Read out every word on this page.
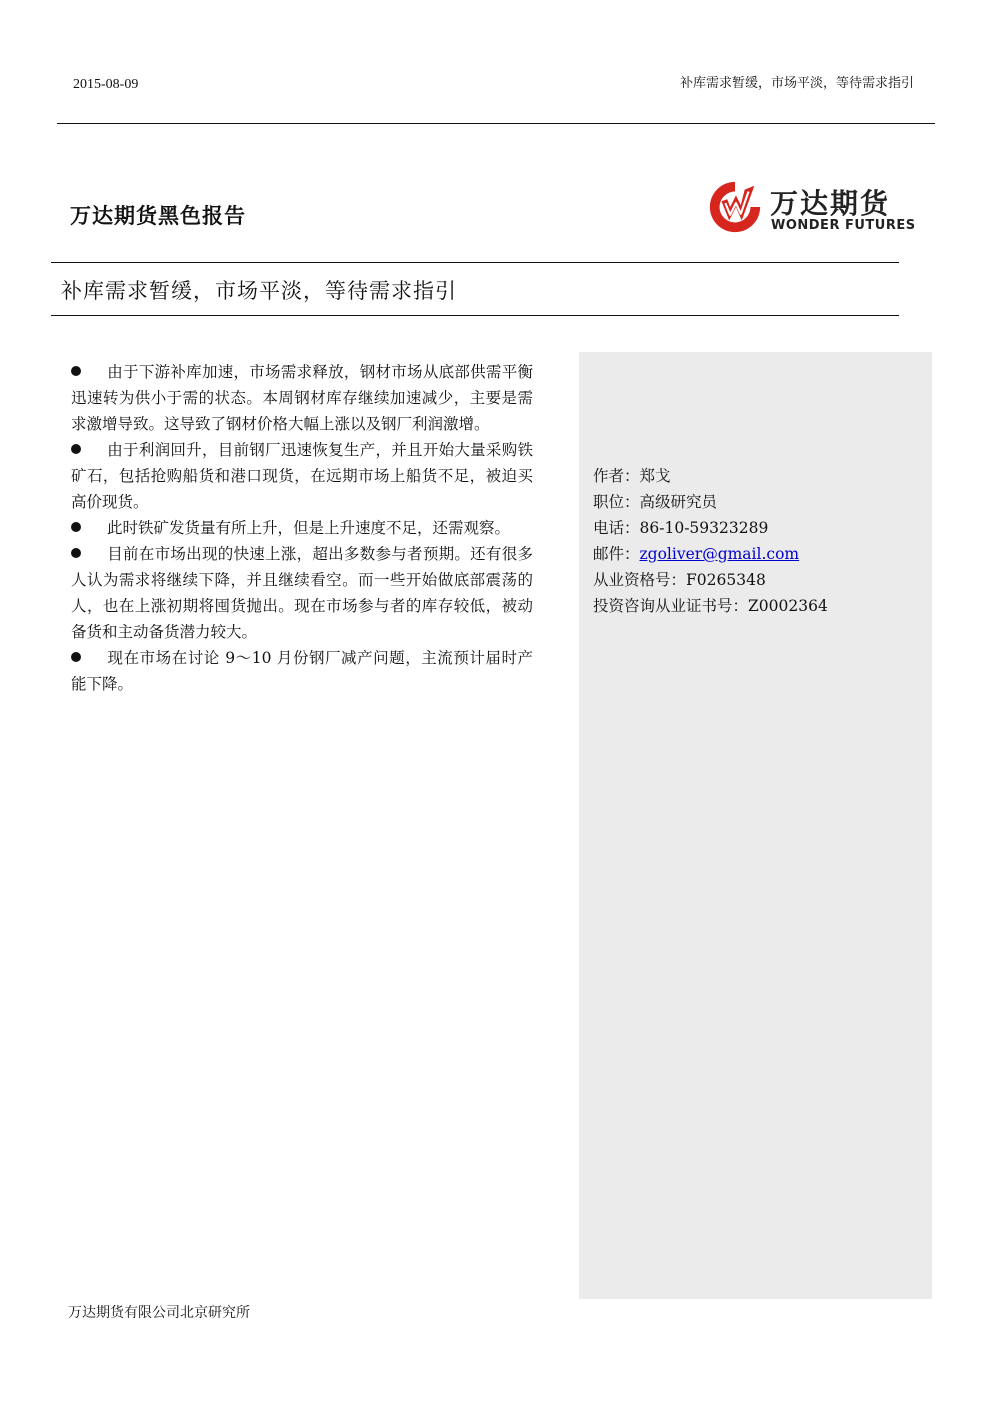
2015-08-09	补库需求暂缓，市场平淡，等待需求指引
万达期货黑色报告	万达期货
WONDER FUTURES
补库需求暂缓，市场平淡，等待需求指引

由于下游补库加速，市场需求释放，钢材市场从底部供需平衡迅速转为供小于需的状态。本周钢材库存继续加速减少，主要是需求激增导致。这导致了钢材价格大幅上涨以及钢厂利润激增。

由于利润回升，目前钢厂迅速恢复生产，并且开始大量采购铁矿石，包括抢购船货和港口现货，在远期市场上船货不足，被迫买高价现货。

此时铁矿发货量有所上升，但是上升速度不足，还需观察。

目前在市场出现的快速上涨，超出多数参与者预期。还有很多人认为需求将继续下降，并且继续看空。而一些开始做底部震荡的人，也在上涨初期将囤货抛出。现在市场参与者的库存较低，被动备货和主动备货潜力较大。

现在市场在讨论 9～10 月份钢厂减产问题，主流预计届时产能下降。

作者：郑戈
职位：高级研究员
电话：86-10-59323289
邮件：zgoliver@gmail.com
从业资格号：F0265348
投资咨询从业证书号：Z0002364
万达期货有限公司北京研究所
